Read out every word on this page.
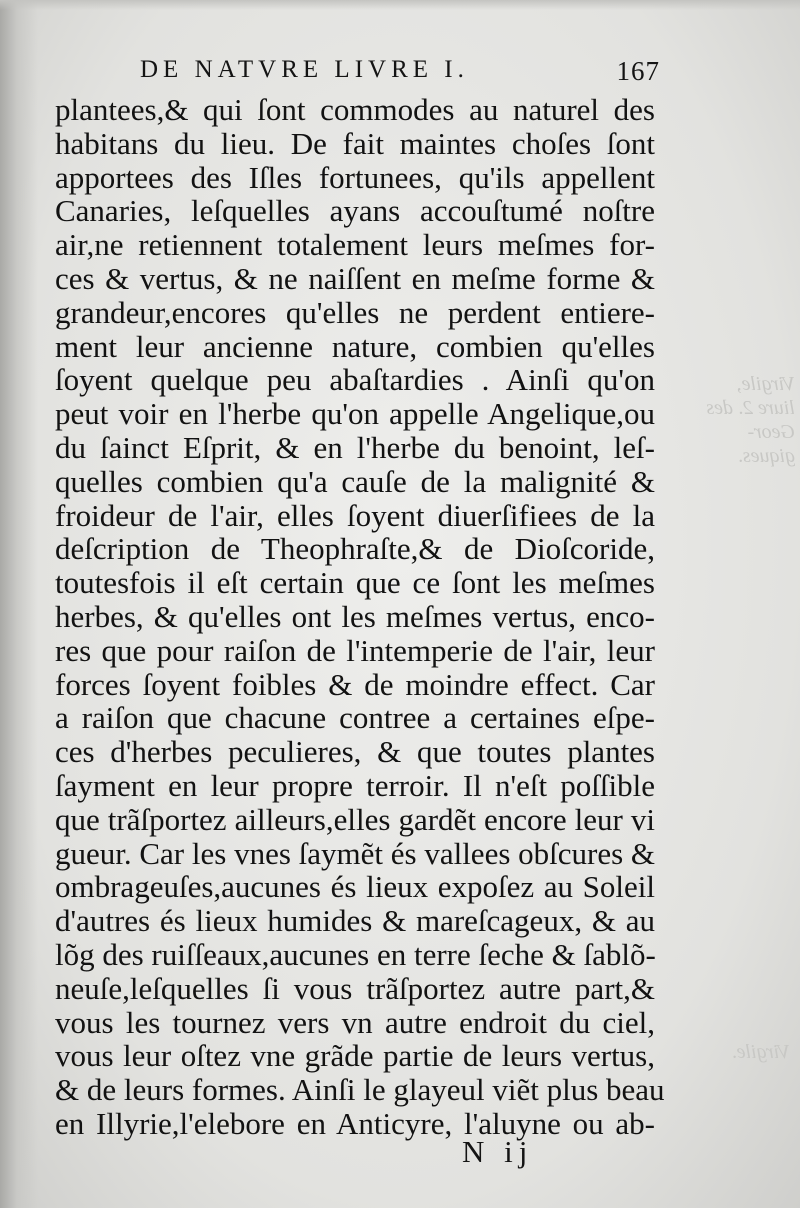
Virgile, liure 2. des Geor- giques.
Virgile.
DE NATVRE LIVRE I.	167
plantees,& qui ſont commodes au naturel des
habitans du lieu. De fait maintes choſes ſont
apportees des Iſles fortunees, qu'ils appellent
Canaries, leſquelles ayans accouſtumé noſtre
air,ne retiennent totalement leurs meſmes for-
ces & vertus, & ne naiſſent en meſme forme &
grandeur,encores qu'elles ne perdent entiere-
ment leur ancienne nature, combien qu'elles
ſoyent quelque peu abaſtardies . Ainſi qu'on
peut voir en l'herbe qu'on appelle Angelique,ou
du ſainct Eſprit, & en l'herbe du benoint, leſ-
quelles combien qu'a cauſe de la malignité &
froideur de l'air, elles ſoyent diuerſifiees de la
deſcription de Theophraſte,& de Dioſcoride,
toutesfois il eſt certain que ce ſont les meſmes
herbes, & qu'elles ont les meſmes vertus, enco-
res que pour raiſon de l'intemperie de l'air, leur
forces ſoyent foibles & de moindre effect. Car
a raiſon que chacune contree a certaines eſpe-
ces d'herbes peculieres, & que toutes plantes
ſayment en leur propre terroir. Il n'eſt poſſible
que trãſportez ailleurs,elles gardẽt encore leur vi
gueur. Car les vnes ſaymẽt és vallees obſcures &
ombrageuſes,aucunes és lieux expoſez au Soleil
d'autres és lieux humides & mareſcageux, & au
lõg des ruiſſeaux,aucunes en terre ſeche & ſablõ-
neuſe,leſquelles ſi vous trãſportez autre part,&
vous les tournez vers vn autre endroit du ciel,
vous leur oſtez vne grãde partie de leurs vertus,
& de leurs formes. Ainſi le glayeul viẽt plus beau
en Illyrie,l'elebore en Anticyre, l'aluyne ou ab-
N ij
